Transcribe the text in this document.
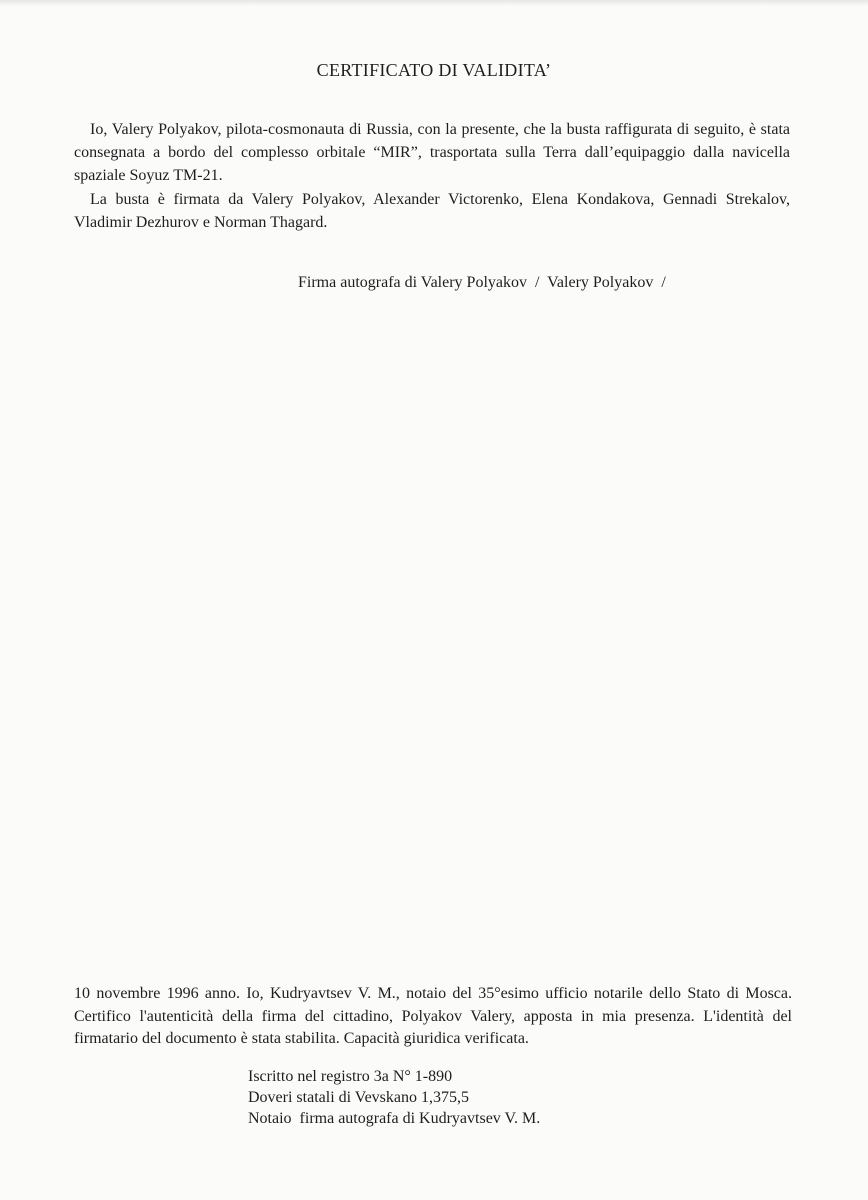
CERTIFICATO DI VALIDITA’

Io, Valery Polyakov, pilota-cosmonauta di Russia, con la presente, che la busta raffigurata di seguito, è stata consegnata a bordo del complesso orbitale “MIR”, trasportata sulla Terra dall’equipaggio dalla navicella spaziale Soyuz TM-21.

La busta è firmata da Valery Polyakov, Alexander Victorenko, Elena Kondakova, Gennadi Strekalov, Vladimir Dezhurov e Norman Thagard.

Firma autografa di Valery Polyakov  /  Valery Polyakov  /

10 novembre 1996 anno. Io, Kudryavtsev V. M., notaio del 35°esimo ufficio notarile dello Stato di Mosca. Certifico l'autenticità della firma del cittadino, Polyakov Valery, apposta in mia presenza. L'identità del firmatario del documento è stata stabilita. Capacità giuridica verificata.

Iscritto nel registro 3a N° 1-890
Doveri statali di Vevskano 1,375,5
Notaio  firma autografa di Kudryavtsev V. M.
